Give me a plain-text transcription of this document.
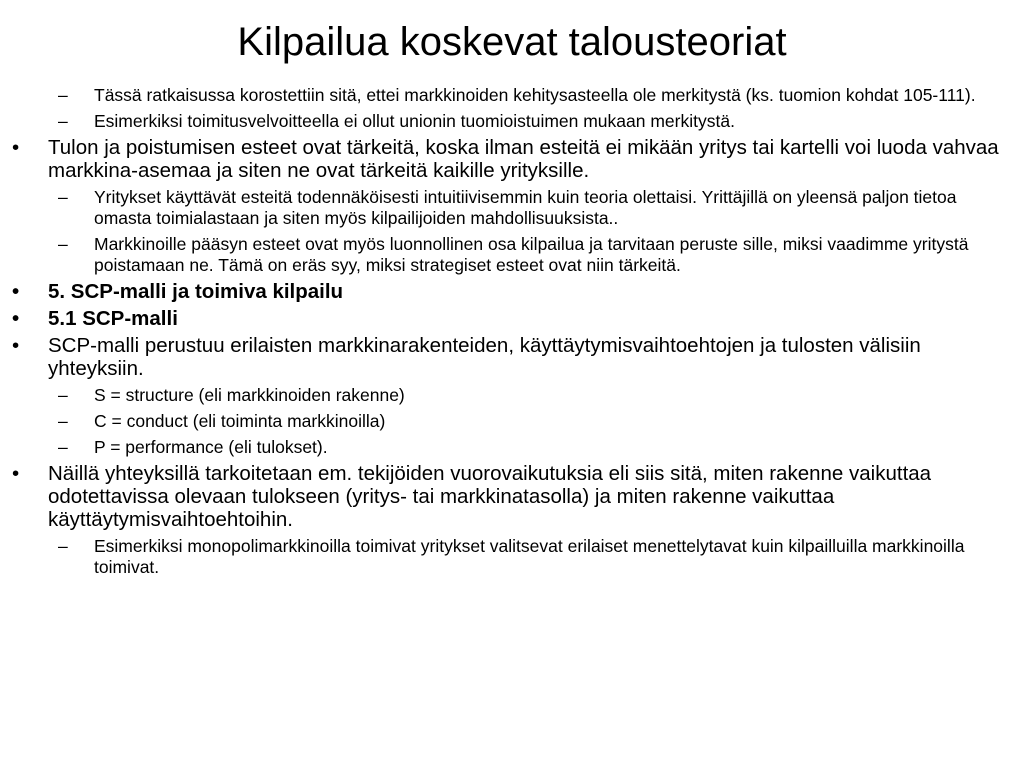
Kilpailua koskevat talousteoriat
– Tässä ratkaisussa korostettiin sitä, ettei markkinoiden kehitysasteella ole merkitystä (ks. tuomion kohdat 105-111).
– Esimerkiksi toimitusvelvoitteella ei ollut unionin tuomioistuimen mukaan merkitystä.
• Tulon ja poistumisen esteet ovat tärkeitä, koska ilman esteitä ei mikään yritys tai kartelli voi luoda vahvaa markkina-asemaa ja siten ne ovat tärkeitä kaikille yrityksille.
– Yritykset käyttävät esteitä todennäköisesti intuitiivisemmin kuin teoria olettaisi. Yrittäjillä on yleensä paljon tietoa omasta toimialastaan ja siten myös kilpailijoiden mahdollisuuksista..
– Markkinoille pääsyn esteet ovat myös luonnollinen osa kilpailua ja tarvitaan peruste sille, miksi vaadimme yritystä poistamaan ne. Tämä on eräs syy, miksi strategiset esteet ovat niin tärkeitä.
• 5. SCP-malli ja toimiva kilpailu
• 5.1 SCP-malli
• SCP-malli perustuu erilaisten markkinarakenteiden, käyttäytymisvaihtoehtojen ja tulosten välisiin yhteyksiin.
– S = structure (eli markkinoiden rakenne)
– C = conduct (eli toiminta markkinoilla)
– P = performance (eli tulokset).
• Näillä yhteyksillä tarkoitetaan em. tekijöiden vuorovaikutuksia eli siis sitä, miten rakenne vaikuttaa odotettavissa olevaan tulokseen (yritys- tai markkinatasolla) ja miten rakenne vaikuttaa käyttäytymisvaihtoehtoihin.
– Esimerkiksi monopolimarkkinoilla toimivat yritykset valitsevat erilaiset menettelytavat kuin kilpailluilla markkinoilla toimivat.
